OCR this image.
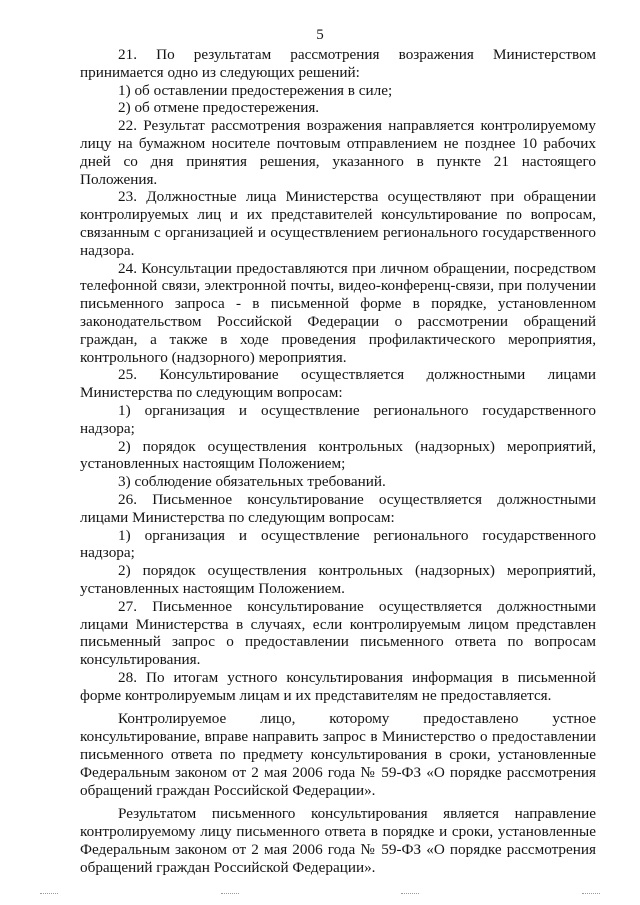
5

21. По результатам рассмотрения возражения Министерством принимается одно из следующих решений:

1) об оставлении предостережения в силе;

2) об отмене предостережения.

22. Результат рассмотрения возражения направляется контролируемому лицу на бумажном носителе почтовым отправлением не позднее 10 рабочих дней со дня принятия решения, указанного в пункте 21 настоящего Положения.

23. Должностные лица Министерства осуществляют при обращении контролируемых лиц и их представителей консультирование по вопросам, связанным с организацией и осуществлением регионального государственного надзора.

24. Консультации предоставляются при личном обращении, посредством телефонной связи, электронной почты, видео-конференц-связи, при получении письменного запроса - в письменной форме в порядке, установленном законодательством Российской Федерации о рассмотрении обращений граждан, а также в ходе проведения профилактического мероприятия, контрольного (надзорного) мероприятия.

25. Консультирование осуществляется должностными лицами Министерства по следующим вопросам:

1) организация и осуществление регионального государственного надзора;

2) порядок осуществления контрольных (надзорных) мероприятий, установленных настоящим Положением;

3) соблюдение обязательных требований.

26. Письменное консультирование осуществляется должностными лицами Министерства по следующим вопросам:

1) организация и осуществление регионального государственного надзора;

2) порядок осуществления контрольных (надзорных) мероприятий, установленных настоящим Положением.

27. Письменное консультирование осуществляется должностными лицами Министерства в случаях, если контролируемым лицом представлен письменный запрос о предоставлении письменного ответа по вопросам консультирования.

28. По итогам устного консультирования информация в письменной форме контролируемым лицам и их представителям не предоставляется.

Контролируемое лицо, которому предоставлено устное консультирование, вправе направить запрос в Министерство о предоставлении письменного ответа по предмету консультирования в сроки, установленные Федеральным законом от 2 мая 2006 года № 59-ФЗ «О порядке рассмотрения обращений граждан Российской Федерации».

Результатом письменного консультирования является направление контролируемому лицу письменного ответа в порядке и сроки, установленные Федеральным законом от 2 мая 2006 года № 59-ФЗ «О порядке рассмотрения обращений граждан Российской Федерации».
